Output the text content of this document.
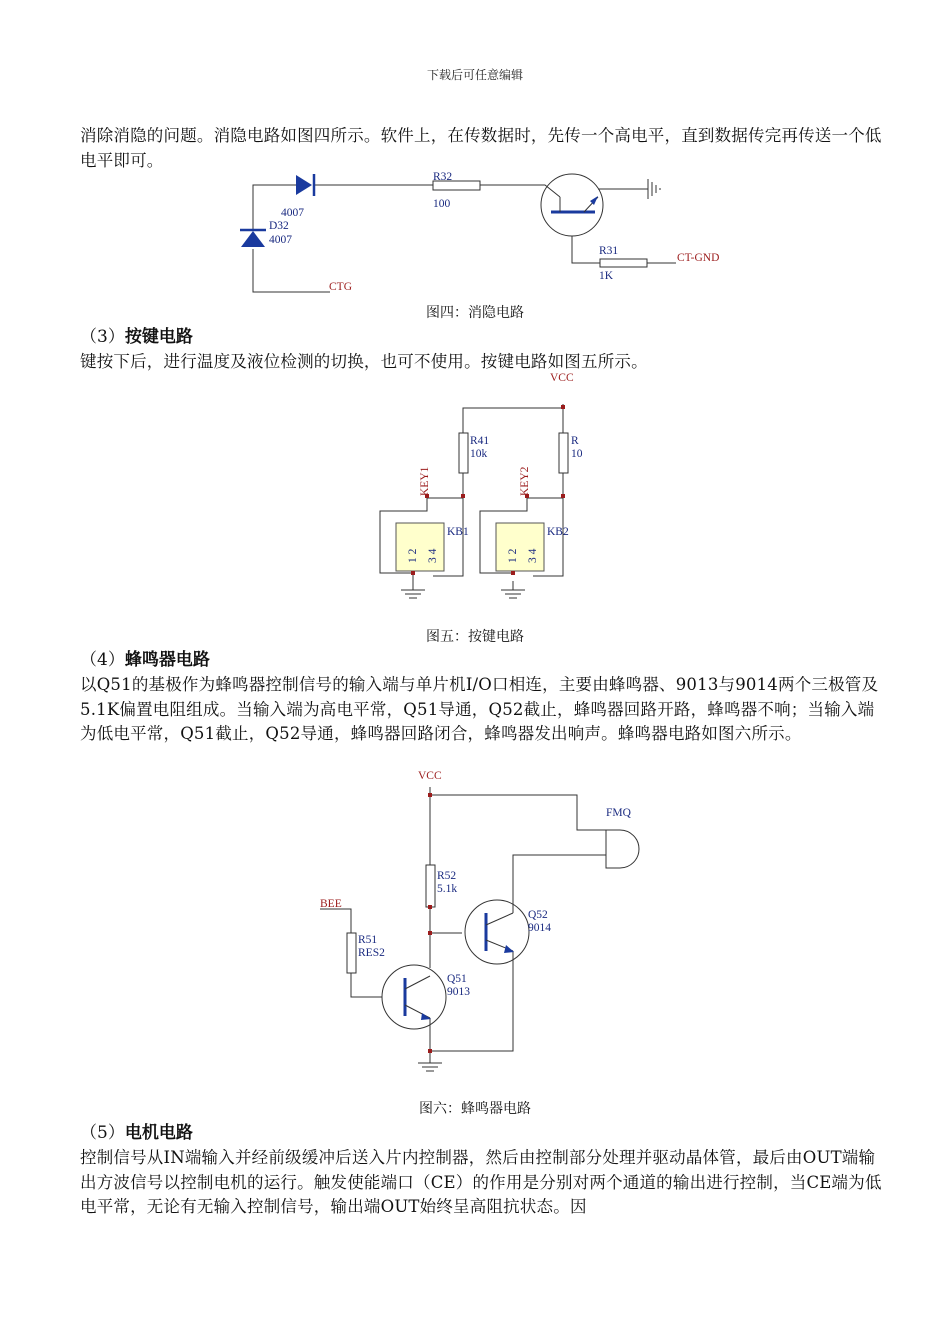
下载后可任意编辑
消除消隐的问题。消隐电路如图四所示。软件上，在传数据时，先传一个高电平，直到数据传完再传送一个低电平即可。
R32
100
4007
D32
4007
R31
1K
CTG
CT-GND
图四：消隐电路
（3）按键电路
键按下后，进行温度及液位检测的切换，也可不使用。按键电路如图五所示。
R41
10k
R
10
KB1	KB2
1 2 3 4	1 2 3 4
VCC
KEY1	KEY2
图五：按键电路
（4）蜂鸣器电路
以Q51的基极作为蜂鸣器控制信号的输入端与单片机I/O口相连，主要由蜂鸣器、9013与9014两个三极管及5.1K偏置电阻组成。当输入端为高电平常，Q51导通，Q52截止，蜂鸣器回路开路，蜂鸣器不响；当输入端为低电平常，Q51截止，Q52导通，蜂鸣器回路闭合，蜂鸣器发出响声。蜂鸣器电路如图六所示。
R52
5.1k
R51
RES2
Q52
9014
Q51
9013
FMQ
VCC
BEE
图六：蜂鸣器电路
（5）电机电路
控制信号从IN端输入并经前级缓冲后送入片内控制器，然后由控制部分处理并驱动晶体管，最后由OUT端输出方波信号以控制电机的运行。触发使能端口（CE）的作用是分别对两个通道的输出进行控制，当CE端为低电平常，无论有无输入控制信号，输出端OUT始终呈高阻抗状态。因
